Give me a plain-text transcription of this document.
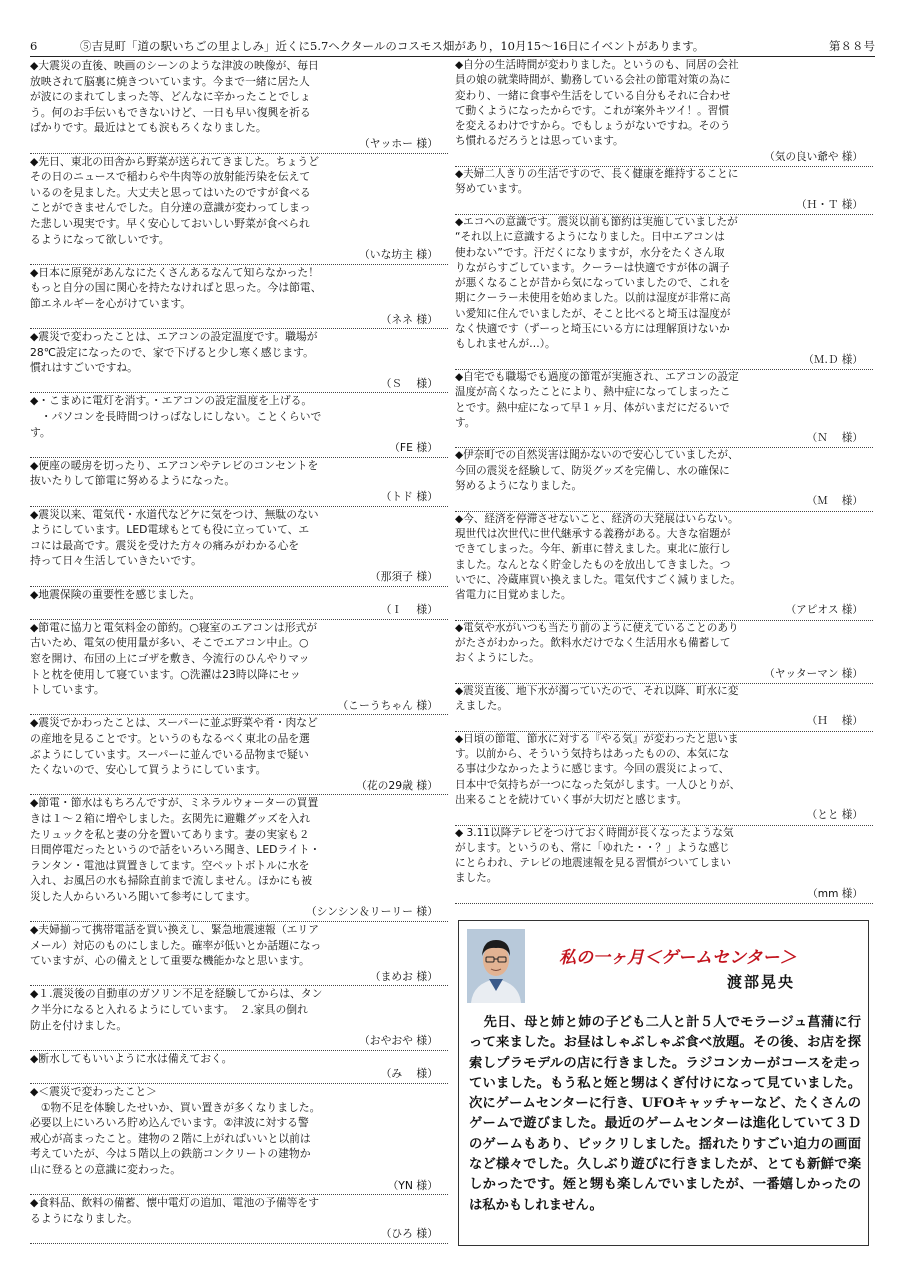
6	⑤吉見町「道の駅いちごの里よしみ」近くに5.7ヘクタールのコスモス畑があり，10月15～16日にイベントがあります。	第８８号
◆大震災の直後、映画のシーンのような津波の映像が、毎日
放映されて脳裏に焼きついています。今まで一緒に居た人
が波にのまれてしまった等、どんなに辛かったことでしょ
う。何のお手伝いもできないけど、一日も早い復興を祈る
ばかりです。最近はとても涙もろくなりました。
（ヤッホー 様）
◆先日、東北の田舎から野菜が送られてきました。ちょうど
その日のニュースで稲わらや牛肉等の放射能汚染を伝えて
いるのを見ました。大丈夫と思ってはいたのですが食べる
ことができませんでした。自分達の意識が変わってしまっ
た悲しい現実です。早く安心しておいしい野菜が食べられ
るようになって欲しいです。
（いな坊主 様）
◆日本に原発があんなにたくさんあるなんて知らなかった！
もっと自分の国に関心を持たなければと思った。今は節電、
節エネルギーを心がけています。
（ネネ 様）
◆震災で変わったことは、エアコンの設定温度です。職場が
28℃設定になったので、家で下げると少し寒く感じます。
慣れはすごいですね。
（Ｓ　 様）
◆・こまめに電灯を消す。・エアコンの設定温度を上げる。
　・パソコンを長時間つけっぱなしにしない。ことくらいで
す。
（FE 様）
◆便座の暖房を切ったり、エアコンやテレビのコンセントを
抜いたりして節電に努めるようになった。
（トド 様）
◆震災以来、電気代・水道代などケに気をつけ、無駄のない
ようにしています。LED電球もとても役に立っていて、エ
コには最高です。震災を受けた方々の痛みがわかる心を
持って日々生活していきたいです。
（那須子 様）
◆地震保険の重要性を感じました。
（Ｉ　 様）
◆節電に協力と電気料金の節約。○寝室のエアコンは形式が
古いため、電気の使用量が多い、そこでエアコン中止。○
窓を開け、布団の上にゴザを敷き、今流行のひんやりマッ
トと枕を使用して寝ています。○洗濯は23時以降にセッ
トしています。
（こーうちゃん 様）
◆震災でかわったことは、スーパーに並ぶ野菜や肴・肉など
の産地を見ることです。というのもなるべく東北の品を選
ぶようにしています。スーパーに並んでいる品物まで疑い
たくないので、安心して買うようにしています。
（花の29歳 様）
◆節電・節水はもちろんですが、ミネラルウォーターの買置
きは１～２箱に増やしました。玄関先に避難グッズを入れ
たリュックを私と妻の分を置いてあります。妻の実家も２
日間停電だったというので話をいろいろ聞き、LEDライト・
ランタン・電池は買置きしてます。空ペットボトルに水を
入れ、お風呂の水も掃除直前まで流しません。ほかにも被
災した人からいろいろ聞いて参考にしてます。
（シンシン＆リーリー 様）
◆夫婦揃って携帯電話を買い換えし、緊急地震速報（エリア
メール）対応のものにしました。確率が低いとか話題になっ
ていますが、心の備えとして重要な機能かなと思います。
（まめお 様）
◆１.震災後の自動車のガソリン不足を経験してからは、タン
ク半分になると入れるようにしています。　２.家具の倒れ
防止を付けました。
（おやおや 様）
◆断水してもいいように水は備えておく。
（み　 様）
◆＜震災で変わったこと＞
　①物不足を体験したせいか、買い置きが多くなりました。
必要以上にいろいろ貯め込んでいます。②津波に対する警
戒心が高まったこと。建物の２階に上がればいいと以前は
考えていたが、今は５階以上の鉄筋コンクリートの建物か
山に登るとの意識に変わった。
（YN 様）
◆食料品、飲料の備蓄、懐中電灯の追加、電池の予備等をす
るようになりました。
（ひろ 様）
◆自分の生活時間が変わりました。というのも、同居の会社
員の娘の就業時間が、勤務している会社の節電対策の為に
変わり、一緒に食事や生活をしている自分もそれに合わせ
て動くようになったからです。これが案外キツイ！。習慣
を変えるわけですから。でもしょうがないですね。そのう
ち慣れるだろうとは思っています。
（気の良い爺や 様）
◆夫婦二人きりの生活ですので、長く健康を維持することに
努めています。
（Ｈ・Ｔ 様）
◆エコへの意識です。震災以前も節約は実施していましたが
“それ以上に意識するようになりました。日中エアコンは
使わない”です。汗だくになりますが，水分をたくさん取
りながらすごしています。クーラーは快適ですが体の調子
が悪くなることが昔から気になっていましたので、これを
期にクーラー未使用を始めました。以前は湿度が非常に高
い愛知に住んでいましたが、そこと比べると埼玉は湿度が
なく快適です（ずーっと埼玉にいる方には理解頂けないか
もしれませんが…）。
（Ｍ.Ｄ 様）
◆自宅でも職場でも過度の節電が実施され、エアコンの設定
温度が高くなったことにより、熱中症になってしまったこ
とです。熱中症になって早１ヶ月、体がいまだにだるいで
す。
（Ｎ　 様）
◆伊奈町での自然災害は聞かないので安心していましたが、
今回の震災を経験して、防災グッズを完備し、水の確保に
努めるようになりました。
（Ｍ　 様）
◆今、経済を停滞させないこと、経済の大発展はいらない。
現世代は次世代に世代継承する義務がある。大きな宿題が
できてしまった。今年、新車に替えました。東北に旅行し
ました。なんとなく貯金したものを放出してきました。つ
いでに、冷蔵庫買い換えました。電気代すごく減りました。
省電力に目覚めました。
（アピオス 様）
◆電気や水がいつも当たり前のように使えていることのあり
がたさがわかった。飲料水だけでなく生活用水も備蓄して
おくようにした。
（ヤッターマン 様）
◆震災直後、地下水が濁っていたので、それ以降、町水に変
えました。
（Ｈ　 様）
◆日頃の節電、節水に対する『やる気』が変わったと思いま
す。以前から、そういう気持ちはあったものの、本気にな
る事は少なかったように感じます。今回の震災によって、
日本中で気持ちが一つになった気がします。一人ひとりが、
出来ることを続けていく事が大切だと感じます。
（とと 様）
◆ 3.11以降テレビをつけておく時間が長くなったような気
がします。というのも、常に「ゆれた・・？」ような感じ
にとらわれ、テレビの地震速報を見る習慣がついてしまい
ました。
（mm 様）
私の一ヶ月＜ゲームセンター＞
渡部晃央
先日、母と姉と姉の子ども二人と計５人でモラージュ菖蒲に行って来ました。お昼はしゃぶしゃぶ食べ放題。その後、お店を探索しプラモデルの店に行きました。ラジコンカーがコースを走っていました。もう私と姪と甥はくぎ付けになって見ていました。次にゲームセンターに行き、UFOキャッチャーなど、たくさんのゲームで遊びました。最近のゲームセンターは進化していて３Ｄのゲームもあり、ビックリしました。揺れたりすごい迫力の画面など様々でした。久しぶり遊びに行きましたが、とても新鮮で楽しかったです。姪と甥も楽しんでいましたが、一番嬉しかったのは私かもしれません。
